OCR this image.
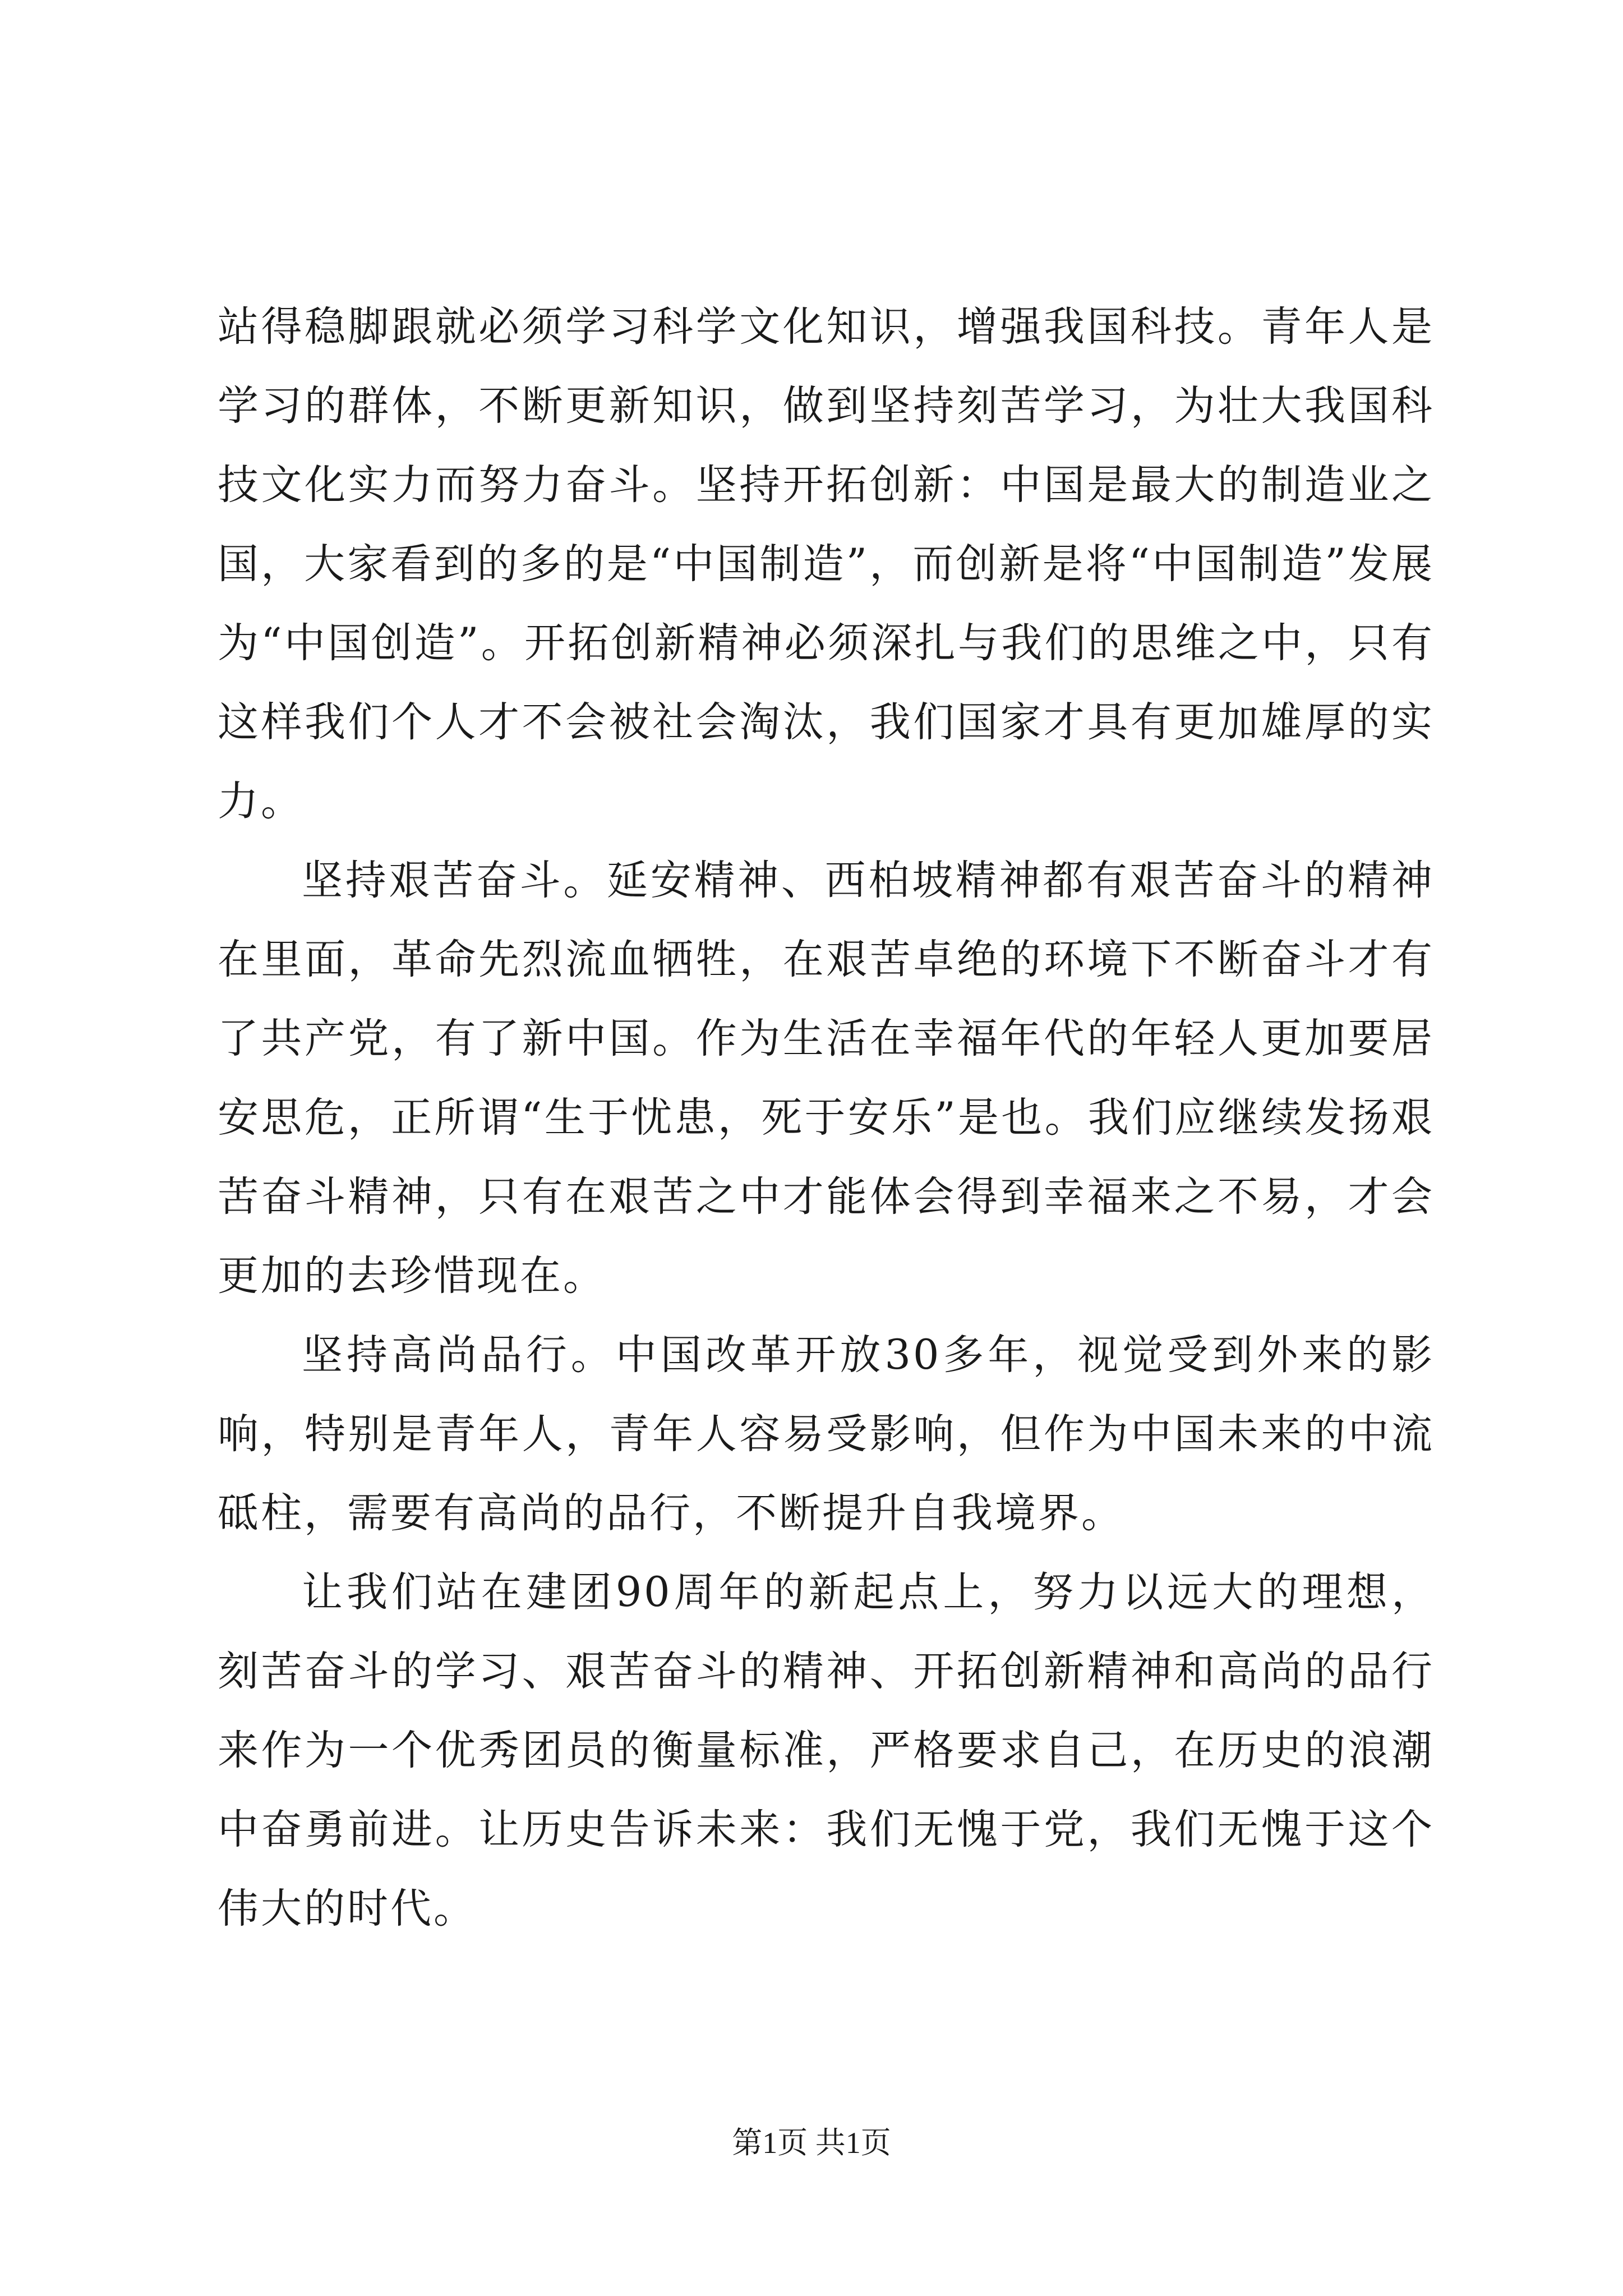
站得稳脚跟就必须学习科学文化知识，增强我国科技。青年人是学习的群体，不断更新知识，做到坚持刻苦学习，为壮大我国科技文化实力而努力奋斗。坚持开拓创新：中国是最大的制造业之国，大家看到的多的是“中国制造”，而创新是将“中国制造”发展为“中国创造”。开拓创新精神必须深扎与我们的思维之中，只有这样我们个人才不会被社会淘汰，我们国家才具有更加雄厚的实力。

坚持艰苦奋斗。延安精神、西柏坡精神都有艰苦奋斗的精神在里面，革命先烈流血牺牲，在艰苦卓绝的环境下不断奋斗才有了共产党，有了新中国。作为生活在幸福年代的年轻人更加要居安思危，正所谓“生于忧患，死于安乐”是也。我们应继续发扬艰苦奋斗精神，只有在艰苦之中才能体会得到幸福来之不易，才会更加的去珍惜现在。

坚持高尚品行。中国改革开放30多年，视觉受到外来的影响，特别是青年人，青年人容易受影响，但作为中国未来的中流砥柱，需要有高尚的品行，不断提升自我境界。

让我们站在建团90周年的新起点上，努力以远大的理想，刻苦奋斗的学习、艰苦奋斗的精神、开拓创新精神和高尚的品行来作为一个优秀团员的衡量标准，严格要求自己，在历史的浪潮中奋勇前进。让历史告诉未来：我们无愧于党，我们无愧于这个伟大的时代。

第1页 共1页
